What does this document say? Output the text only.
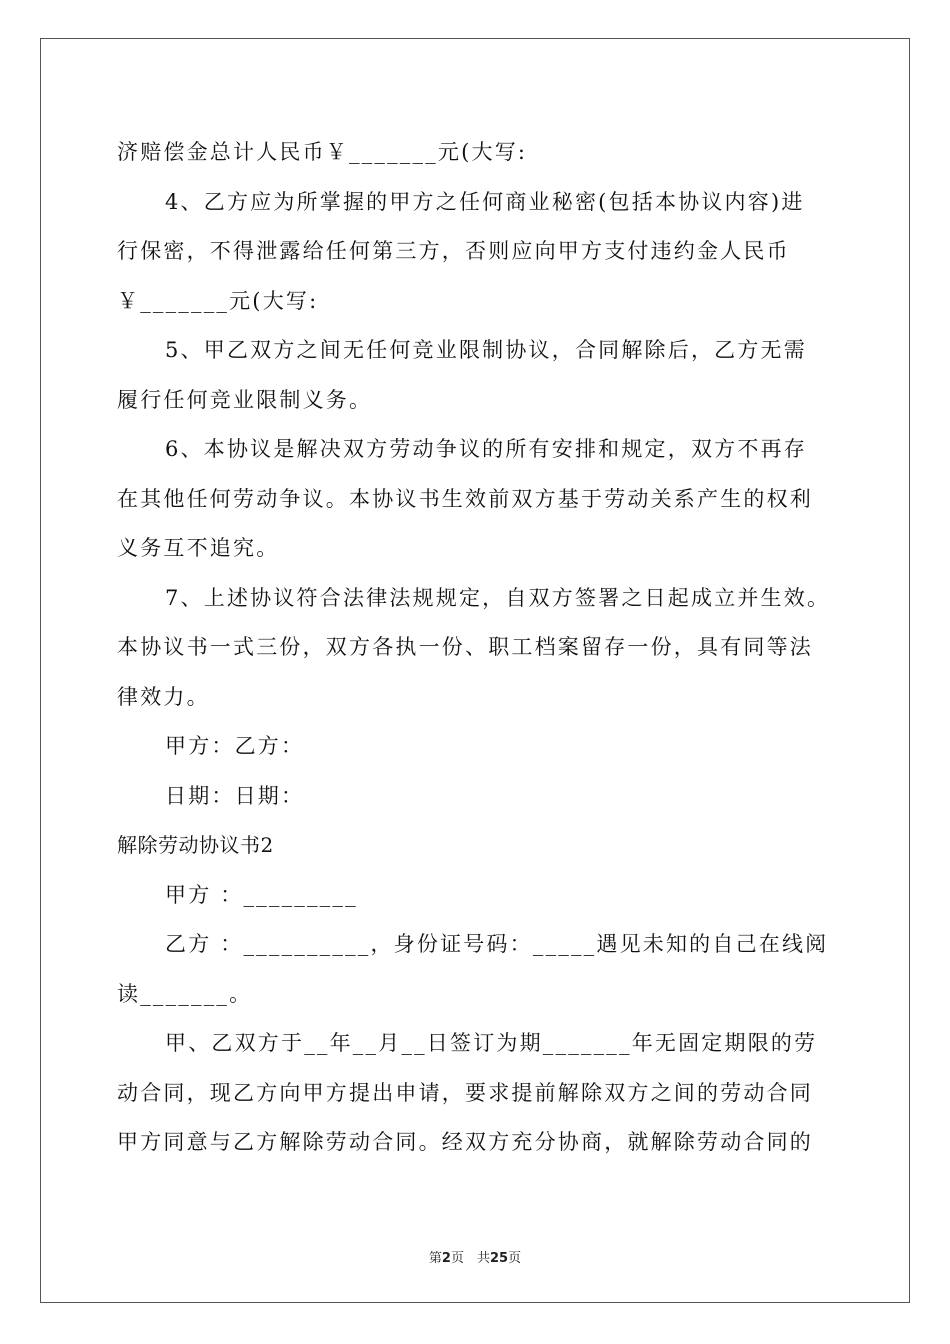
济赔偿金总计人民币￥_______元(大写:
4、乙方应为所掌握的甲方之任何商业秘密(包括本协议内容)进
行保密，不得泄露给任何第三方，否则应向甲方支付违约金人民币
￥_______元(大写:
5、甲乙双方之间无任何竞业限制协议，合同解除后，乙方无需
履行任何竞业限制义务。
6、本协议是解决双方劳动争议的所有安排和规定，双方不再存
在其他任何劳动争议。本协议书生效前双方基于劳动关系产生的权利
义务互不追究。
7、上述协议符合法律法规规定，自双方签署之日起成立并生效。
本协议书一式三份，双方各执一份、职工档案留存一份，具有同等法
律效力。
甲方：乙方：
日期：日期：
解除劳动协议书2
甲方 ：_________
乙方 ：__________，身份证号码：_____遇见未知的自己在线阅
读_______。
甲、乙双方于__年__月__日签订为期_______年无固定期限的劳
动合同，现乙方向甲方提出申请，要求提前解除双方之间的劳动合同
甲方同意与乙方解除劳动合同。经双方充分协商，就解除劳动合同的
第2页　共25页
